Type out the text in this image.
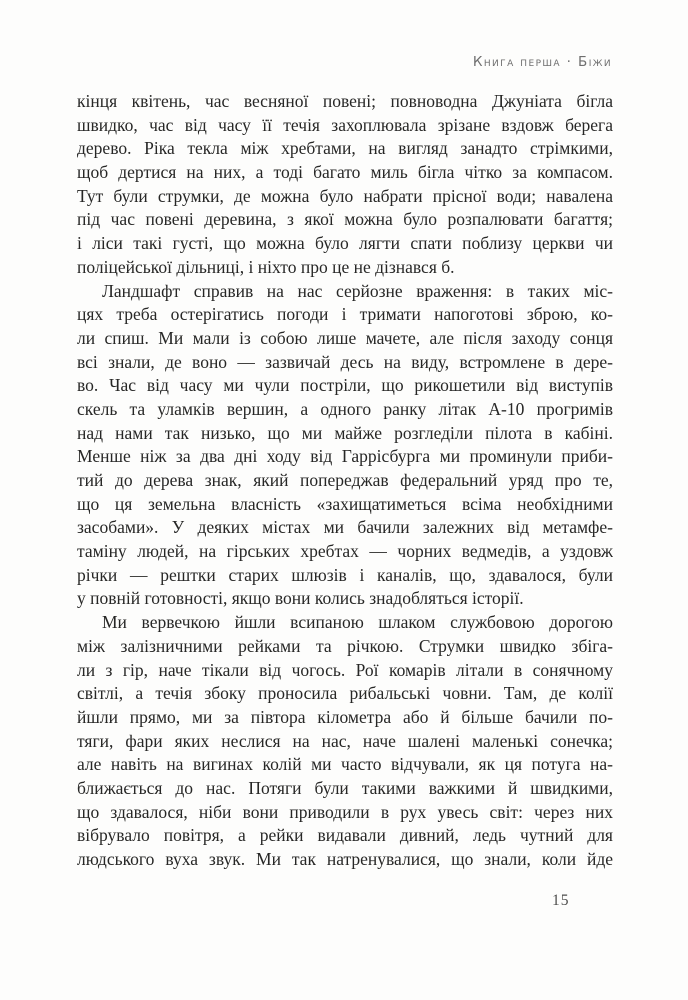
Книга перша · Біжи
кінця квітень, час весняної повені; повноводна Джуніата бігла
швидко, час від часу її течія захоплювала зрізане вздовж берега
дерево. Ріка текла між хребтами, на вигляд занадто стрімкими,
щоб дертися на них, а тоді багато миль бігла чітко за компасом.
Тут були струмки, де можна було набрати прісної води; навалена
під час повені деревина, з якої можна було розпалювати багаття;
і ліси такі густі, що можна було лягти спати поблизу церкви чи
поліцейської дільниці, і ніхто про це не дізнався б.
Ландшафт справив на нас серйозне враження: в таких міс-
цях треба остерігатись погоди і тримати напоготові зброю, ко-
ли спиш. Ми мали із собою лише мачете, але після заходу сонця
всі знали, де воно — зазвичай десь на виду, встромлене в дере-
во. Час від часу ми чули постріли, що рикошетили від виступів
скель та уламків вершин, а одного ранку літак А-10 прогримів
над нами так низько, що ми майже розгледіли пілота в кабіні.
Менше ніж за два дні ходу від Гаррісбурга ми проминули приби-
тий до дерева знак, який попереджав федеральний уряд про те,
що ця земельна власність «захищатиметься всіма необхідними
засобами». У деяких містах ми бачили залежних від метамфе-
таміну людей, на гірських хребтах — чорних ведмедів, а уздовж
річки — рештки старих шлюзів і каналів, що, здавалося, були
у повній готовності, якщо вони колись знадобляться історії.
Ми вервечкою йшли всипаною шлаком службовою дорогою
між залізничними рейками та річкою. Струмки швидко збіга-
ли з гір, наче тікали від чогось. Рої комарів літали в сонячному
світлі, а течія збоку проносила рибальські човни. Там, де колії
йшли прямо, ми за півтора кілометра або й більше бачили по-
тяги, фари яких неслися на нас, наче шалені маленькі сонечка;
але навіть на вигинах колій ми часто відчували, як ця потуга на-
ближається до нас. Потяги були такими важкими й швидкими,
що здавалося, ніби вони приводили в рух увесь світ: через них
вібрувало повітря, а рейки видавали дивний, ледь чутний для
людського вуха звук. Ми так натренувалися, що знали, коли йде
15
